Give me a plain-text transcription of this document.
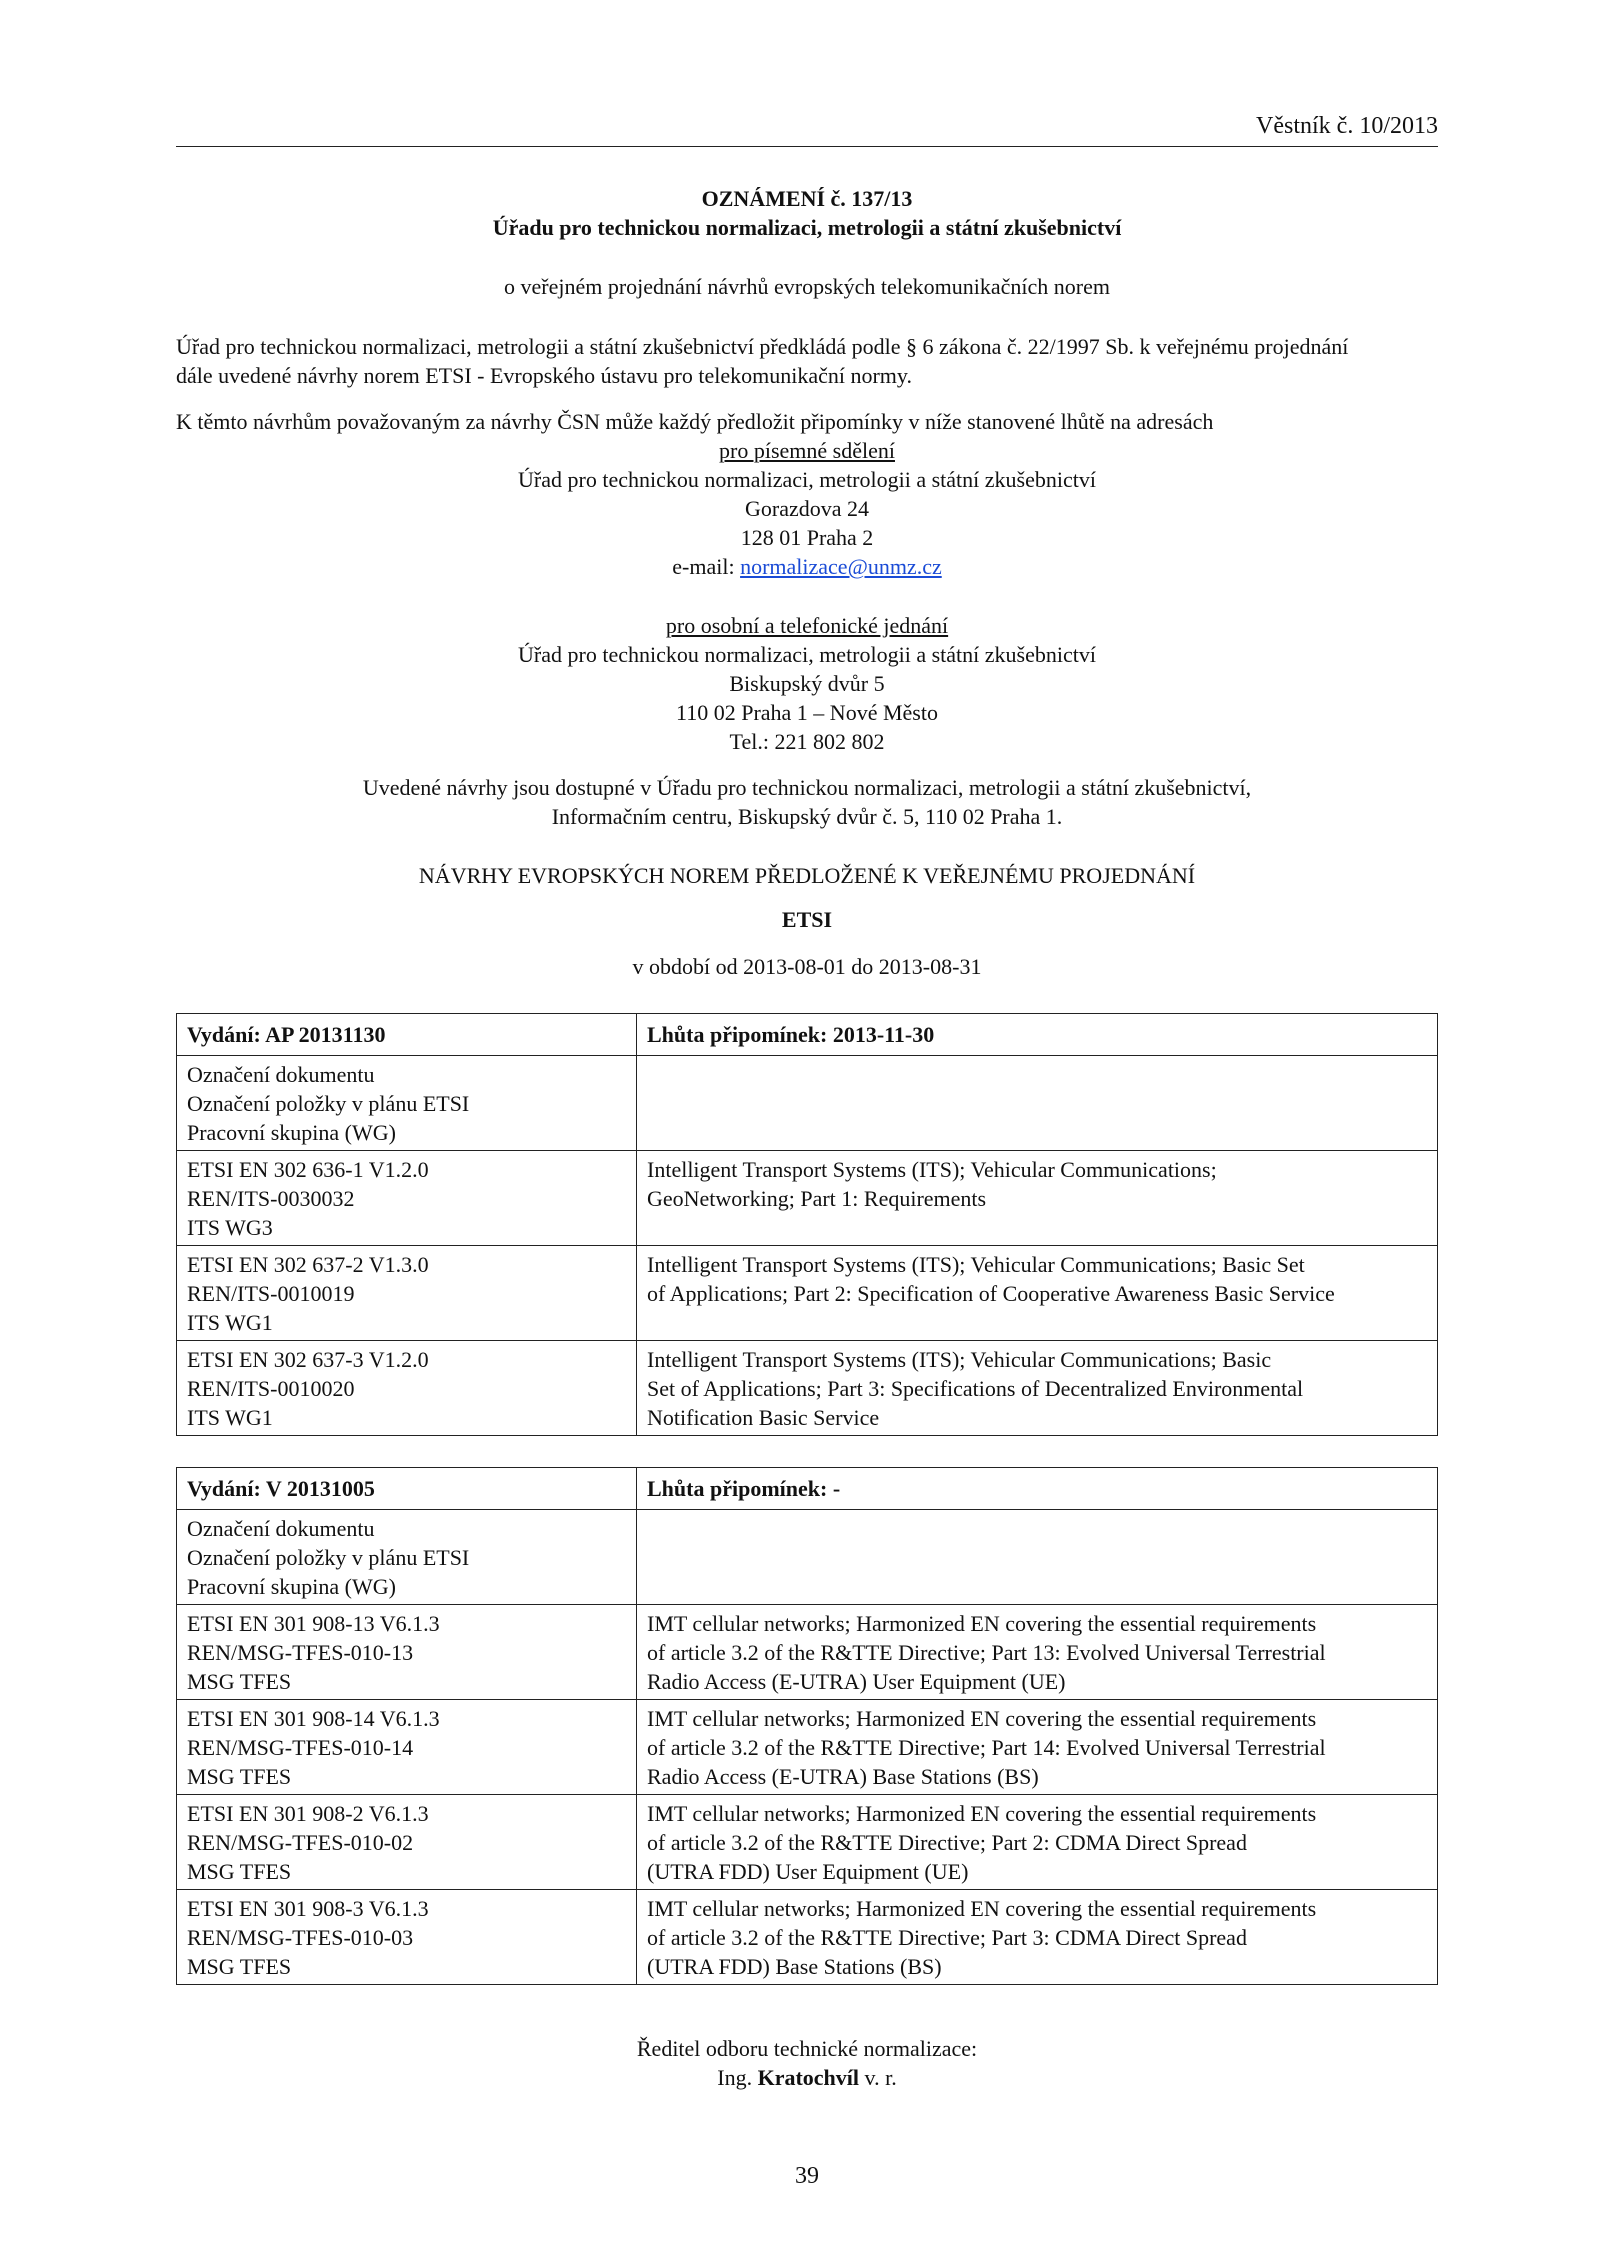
Věstník č. 10/2013
OZNÁMENÍ č. 137/13
Úřadu pro technickou normalizaci, metrologii a státní zkušebnictví
o veřejném projednání návrhů evropských telekomunikačních norem
Úřad pro technickou normalizaci, metrologii a státní zkušebnictví předkládá podle § 6 zákona č. 22/1997 Sb. k veřejnému projednání
dále uvedené návrhy norem ETSI - Evropského ústavu pro telekomunikační normy.
K těmto návrhům považovaným za návrhy ČSN může každý předložit připomínky v níže stanovené lhůtě na adresách
pro písemné sdělení
Úřad pro technickou normalizaci, metrologii a státní zkušebnictví
Gorazdova 24
128 01 Praha 2
e-mail: normalizace@unmz.cz
pro osobní a telefonické jednání
Úřad pro technickou normalizaci, metrologii a státní zkušebnictví
Biskupský dvůr 5
110 02 Praha 1 – Nové Město
Tel.: 221 802 802
Uvedené návrhy jsou dostupné v Úřadu pro technickou normalizaci, metrologii a státní zkušebnictví,
Informačním centru, Biskupský dvůr č. 5, 110 02 Praha 1.
NÁVRHY EVROPSKÝCH NOREM PŘEDLOŽENÉ K VEŘEJNÉMU PROJEDNÁNÍ
ETSI
v období od 2013-08-01 do 2013-08-31
Vydání: AP 20131130	Lhůta připomínek: 2013-11-30

Označení dokumentu
Označení položky v plánu ETSI
Pracovní skupina (WG)	

ETSI EN 302 636-1 V1.2.0
REN/ITS-0030032
ITS WG3	Intelligent Transport Systems (ITS); Vehicular Communications;
GeoNetworking; Part 1: Requirements

ETSI EN 302 637-2 V1.3.0
REN/ITS-0010019
ITS WG1	Intelligent Transport Systems (ITS); Vehicular Communications; Basic Set
of Applications; Part 2: Specification of Cooperative Awareness Basic Service

ETSI EN 302 637-3 V1.2.0
REN/ITS-0010020
ITS WG1	Intelligent Transport Systems (ITS); Vehicular Communications; Basic
Set of Applications; Part 3: Specifications of Decentralized Environmental
Notification Basic Service
Vydání: V 20131005	Lhůta připomínek: -

Označení dokumentu
Označení položky v plánu ETSI
Pracovní skupina (WG)	

ETSI EN 301 908-13 V6.1.3
REN/MSG-TFES-010-13
MSG TFES	IMT cellular networks; Harmonized EN covering the essential requirements
of article 3.2 of the R&TTE Directive; Part 13: Evolved Universal Terrestrial
Radio Access (E-UTRA) User Equipment (UE)

ETSI EN 301 908-14 V6.1.3
REN/MSG-TFES-010-14
MSG TFES	IMT cellular networks; Harmonized EN covering the essential requirements
of article 3.2 of the R&TTE Directive; Part 14: Evolved Universal Terrestrial
Radio Access (E-UTRA) Base Stations (BS)

ETSI EN 301 908-2 V6.1.3
REN/MSG-TFES-010-02
MSG TFES	IMT cellular networks; Harmonized EN covering the essential requirements
of article 3.2 of the R&TTE Directive; Part 2: CDMA Direct Spread
(UTRA FDD) User Equipment (UE)

ETSI EN 301 908-3 V6.1.3
REN/MSG-TFES-010-03
MSG TFES	IMT cellular networks; Harmonized EN covering the essential requirements
of article 3.2 of the R&TTE Directive; Part 3: CDMA Direct Spread
(UTRA FDD) Base Stations (BS)
Ředitel odboru technické normalizace:
Ing. Kratochvíl v. r.
39
